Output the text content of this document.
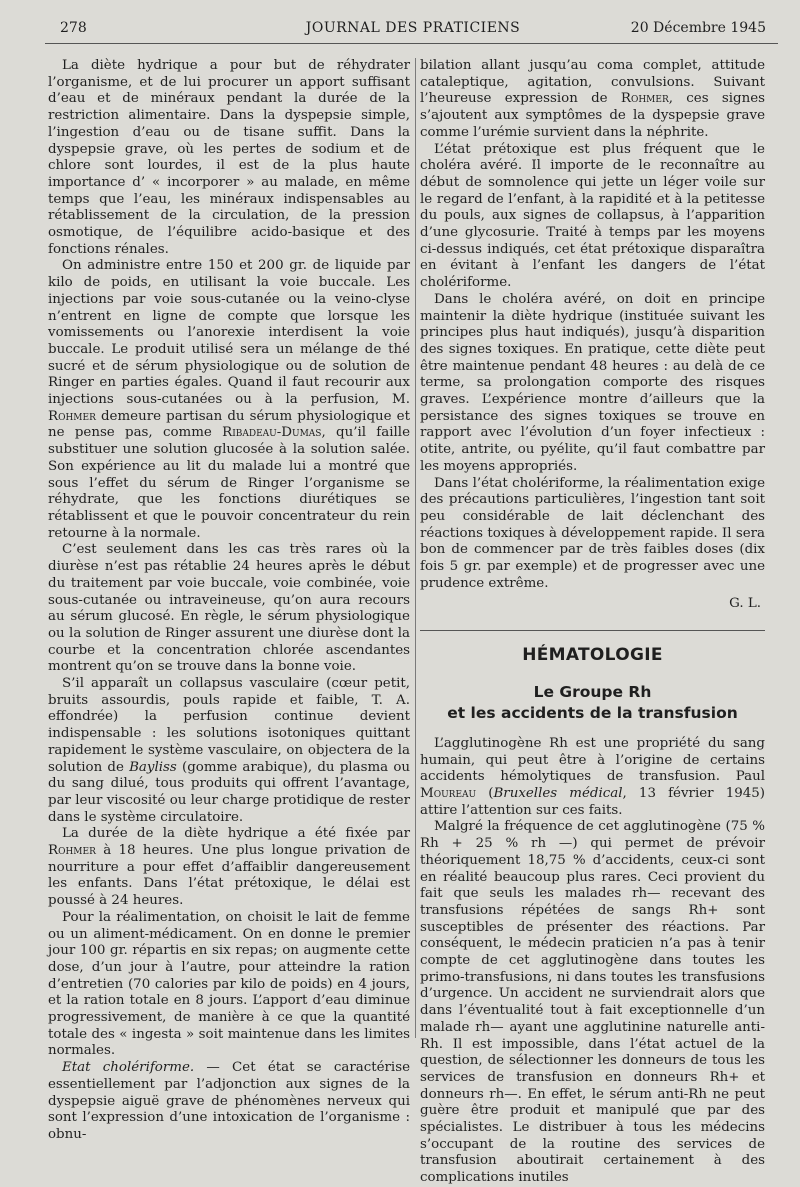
278	JOURNAL DES PRATICIENS	20 Décembre 1945

La diète hydrique a pour but de réhydrater l’organisme, et de lui procurer un apport suffisant d’eau et de minéraux pendant la durée de la restriction alimentaire. Dans la dyspepsie simple, l’ingestion d’eau ou de tisane suffit. Dans la dyspepsie grave, où les pertes de sodium et de chlore sont lourdes, il est de la plus haute importance d’ « incorporer » au malade, en même temps que l’eau, les minéraux indispensables au rétablissement de la circulation, de la pression osmotique, de l’équilibre acido-basique et des fonctions rénales.

On administre entre 150 et 200 gr. de liquide par kilo de poids, en utilisant la voie buccale. Les injections par voie sous-cutanée ou la veino-clyse n’entrent en ligne de compte que lorsque les vomissements ou l’anorexie interdisent la voie buccale. Le produit utilisé sera un mélange de thé sucré et de sérum physiologique ou de solution de Ringer en parties égales. Quand il faut recourir aux injections sous-cutanées ou à la perfusion, M. Rohmer demeure partisan du sérum physiologique et ne pense pas, comme Ribadeau-Dumas, qu’il faille substituer une solution glucosée à la solution salée. Son expérience au lit du malade lui a montré que sous l’effet du sérum de Ringer l’organisme se réhydrate, que les fonctions diurétiques se rétablissent et que le pouvoir concentrateur du rein retourne à la normale.

C’est seulement dans les cas très rares où la diurèse n’est pas rétablie 24 heures après le début du traitement par voie buccale, voie combinée, voie sous-cutanée ou intraveineuse, qu’on aura recours au sérum glucosé. En règle, le sérum physiologique ou la solution de Ringer assurent une diurèse dont la courbe et la concentration chlorée ascendantes montrent qu’on se trouve dans la bonne voie.

S’il apparaît un collapsus vasculaire (cœur petit, bruits assourdis, pouls rapide et faible, T. A. effondrée) la perfusion continue devient indispensable : les solutions isotoniques quittant rapidement le système vasculaire, on objectera de la solution de Bayliss (gomme arabique), du plasma ou du sang dilué, tous produits qui offrent l’avantage, par leur viscosité ou leur charge protidique de rester dans le système circulatoire.

La durée de la diète hydrique a été fixée par Rohmer à 18 heures. Une plus longue privation de nourriture a pour effet d’affaiblir dangereusement les enfants. Dans l’état prétoxique, le délai est poussé à 24 heures.

Pour la réalimentation, on choisit le lait de femme ou un aliment-médicament. On en donne le premier jour 100 gr. répartis en six repas; on augmente cette dose, d’un jour à l’autre, pour atteindre la ration d’entretien (70 calories par kilo de poids) en 4 jours, et la ration totale en 8 jours. L’apport d’eau diminue progressivement, de manière à ce que la quantité totale des « ingesta » soit maintenue dans les limites normales.

Etat cholériforme. — Cet état se caractérise essentiellement par l’adjonction aux signes de la dyspepsie aiguë grave de phénomènes nerveux qui sont l’expression d’une intoxication de l’organisme : obnu-

bilation allant jusqu’au coma complet, attitude cataleptique, agitation, convulsions. Suivant l’heureuse expression de Rohmer, ces signes s’ajoutent aux symptômes de la dyspepsie grave comme l’urémie survient dans la néphrite.

L’état prétoxique est plus fréquent que le choléra avéré. Il importe de le reconnaître au début de somnolence qui jette un léger voile sur le regard de l’enfant, à la rapidité et à la petitesse du pouls, aux signes de collapsus, à l’apparition d’une glycosurie. Traité à temps par les moyens ci-dessus indiqués, cet état prétoxique disparaîtra en évitant à l’enfant les dangers de l’état cholériforme.

Dans le choléra avéré, on doit en principe maintenir la diète hydrique (instituée suivant les principes plus haut indiqués), jusqu’à disparition des signes toxiques. En pratique, cette diète peut être maintenue pendant 48 heures : au delà de ce terme, sa prolongation comporte des risques graves. L’expérience montre d’ailleurs que la persistance des signes toxiques se trouve en rapport avec l’évolution d’un foyer infectieux : otite, antrite, ou pyélite, qu’il faut combattre par les moyens appropriés.

Dans l’état cholériforme, la réalimentation exige des précautions particulières, l’ingestion tant soit peu considérable de lait déclenchant des réactions toxiques à développement rapide. Il sera bon de commencer par de très faibles doses (dix fois 5 gr. par exemple) et de progresser avec une prudence extrême.

G. L.

HÉMATOLOGIE

Le Groupe Rh
et les accidents de la transfusion

L’agglutinogène Rh est une propriété du sang humain, qui peut être à l’origine de certains accidents hémolytiques de transfusion. Paul Moureau (Bruxelles médical, 13 février 1945) attire l’attention sur ces faits.

Malgré la fréquence de cet agglutinogène (75 % Rh + 25 % rh —) qui permet de prévoir théoriquement 18,75 % d’accidents, ceux-ci sont en réalité beaucoup plus rares. Ceci provient du fait que seuls les malades rh— recevant des transfusions répétées de sangs Rh+ sont susceptibles de présenter des réactions. Par conséquent, le médecin praticien n’a pas à tenir compte de cet agglutinogène dans toutes les primo-transfusions, ni dans toutes les transfusions d’urgence. Un accident ne surviendrait alors que dans l’éventualité tout à fait exceptionnelle d’un malade rh— ayant une agglutinine naturelle anti-Rh. Il est impossible, dans l’état actuel de la question, de sélectionner les donneurs de tous les services de transfusion en donneurs Rh+ et donneurs rh—. En effet, le sérum anti-Rh ne peut guère être produit et manipulé que par des spécialistes. Le distribuer à tous les médecins s’occupant de la routine des services de transfusion aboutirait certainement à des complications inutiles
